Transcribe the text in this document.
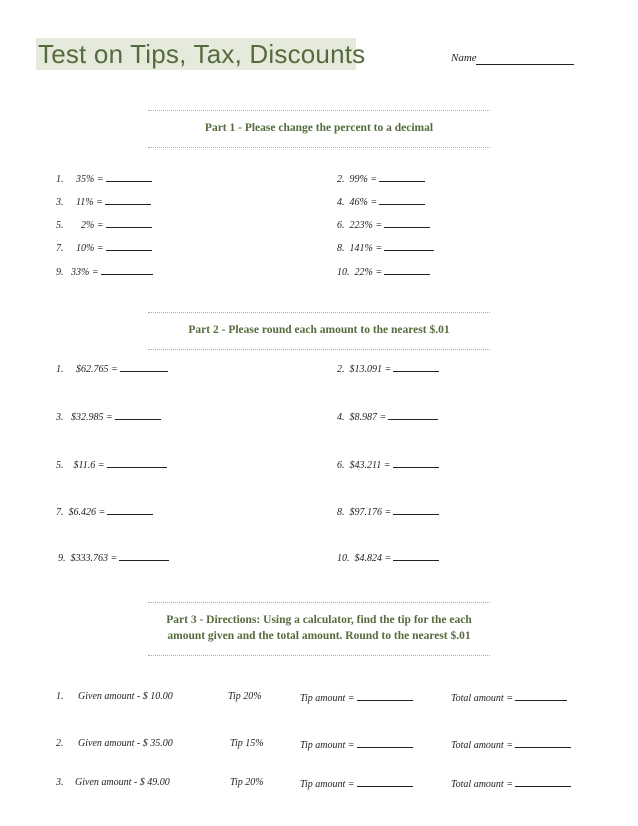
Test on Tips, Tax, Discounts	Name
Part 1 - Please change the percent to a decimal
1. 35% =	2. 99% =
3. 11% =	4. 46% =
5. 2% =	6. 223% =
7. 10% =	8. 141% =
9. 33% =	10. 22% =
Part 2 - Please round each amount to the nearest $.01
1. $62.765 =	2. $13.091 =
3. $32.985 =	4. $8.987 =
5. $11.6 =	6. $43.211 =
7. $6.426 =	8. $97.176 =
9. $333.763 =	10. $4.824 =
Part 3 - Directions: Using a calculator, find the tip for the each
amount given and the total amount. Round to the nearest $.01
1. Given amount - $ 10.00	Tip 20%	Tip amount =	Total amount =
2. Given amount - $ 35.00	Tip 15%	Tip amount =	Total amount =
3. Given amount - $ 49.00	Tip 20%	Tip amount =	Total amount =
